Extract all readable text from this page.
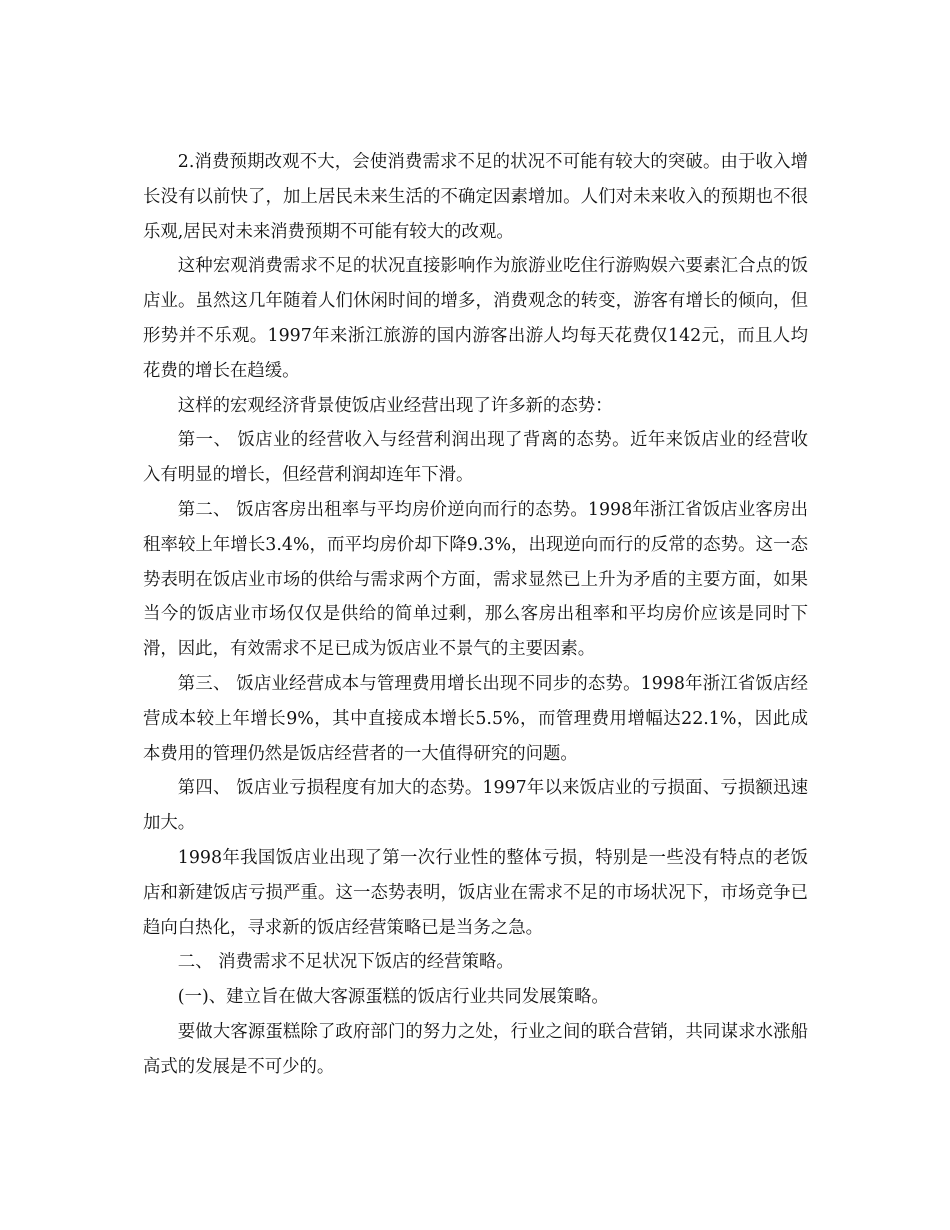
2.消费预期改观不大，会使消费需求不足的状况不可能有较大的突破。由于收入增长没有以前快了，加上居民未来生活的不确定因素增加。人们对未来收入的预期也不很乐观,居民对未来消费预期不可能有较大的改观。

这种宏观消费需求不足的状况直接影响作为旅游业吃住行游购娱六要素汇合点的饭店业。虽然这几年随着人们休闲时间的增多，消费观念的转变，游客有增长的倾向，但形势并不乐观。1997年来浙江旅游的国内游客出游人均每天花费仅142元，而且人均花费的增长在趋缓。

这样的宏观经济背景使饭店业经营出现了许多新的态势：

第一、 饭店业的经营收入与经营利润出现了背离的态势。近年来饭店业的经营收入有明显的增长，但经营利润却连年下滑。

第二、 饭店客房出租率与平均房价逆向而行的态势。1998年浙江省饭店业客房出租率较上年增长3.4%，而平均房价却下降9.3%，出现逆向而行的反常的态势。这一态势表明在饭店业市场的供给与需求两个方面，需求显然已上升为矛盾的主要方面，如果当今的饭店业市场仅仅是供给的简单过剩，那么客房出租率和平均房价应该是同时下滑，因此，有效需求不足已成为饭店业不景气的主要因素。

第三、 饭店业经营成本与管理费用增长出现不同步的态势。1998年浙江省饭店经营成本较上年增长9%，其中直接成本增长5.5%，而管理费用增幅达22.1%，因此成本费用的管理仍然是饭店经营者的一大值得研究的问题。

第四、 饭店业亏损程度有加大的态势。1997年以来饭店业的亏损面、亏损额迅速加大。

1998年我国饭店业出现了第一次行业性的整体亏损，特别是一些没有特点的老饭店和新建饭店亏损严重。这一态势表明，饭店业在需求不足的市场状况下，市场竞争已趋向白热化，寻求新的饭店经营策略已是当务之急。

二、 消费需求不足状况下饭店的经营策略。

(一)、建立旨在做大客源蛋糕的饭店行业共同发展策略。

要做大客源蛋糕除了政府部门的努力之处，行业之间的联合营销，共同谋求水涨船高式的发展是不可少的。
